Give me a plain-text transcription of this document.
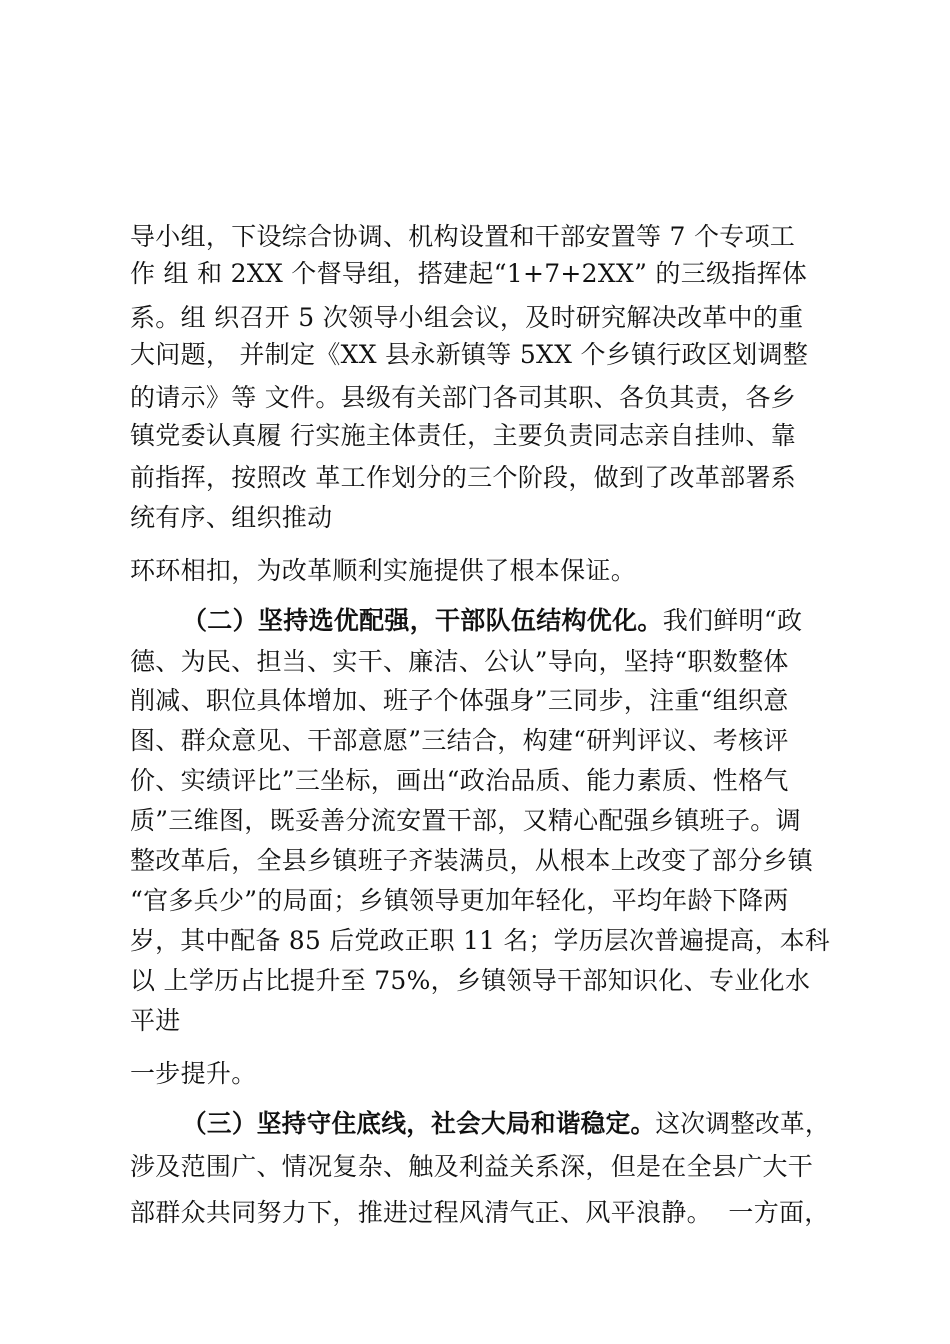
导小组，下设综合协调、机构设置和干部安置等 7 个专项工
作 组 和 2XX 个督导组，搭建起“1+7+2XX” 的三级指挥体
系。组 织召开 5 次领导小组会议，及时研究解决改革中的重
大问题， 并制定《XX 县永新镇等 5XX 个乡镇行政区划调整
的请示》等 文件。县级有关部门各司其职、各负其责，各乡
镇党委认真履 行实施主体责任，主要负责同志亲自挂帅、靠
前指挥，按照改 革工作划分的三个阶段，做到了改革部署系
统有序、组织推动
环环相扣，为改革顺利实施提供了根本保证。
（二）坚持选优配强，干部队伍结构优化。我们鲜明“政
德、为民、担当、实干、廉洁、公认”导向，坚持“职数整体
削减、职位具体增加、班子个体强身”三同步，注重“组织意
图、群众意见、干部意愿”三结合，构建“研判评议、考核评
价、实绩评比”三坐标，画出“政治品质、能力素质、性格气
质”三维图，既妥善分流安置干部，又精心配强乡镇班子。调
整改革后，全县乡镇班子齐装满员，从根本上改变了部分乡镇
“官多兵少”的局面；乡镇领导更加年轻化，平均年龄下降两
岁，其中配备 85 后党政正职 11 名；学历层次普遍提高，本科
以 上学历占比提升至 75%，乡镇领导干部知识化、专业化水
平进
一步提升。
（三）坚持守住底线，社会大局和谐稳定。这次调整改革，
涉及范围广、情况复杂、触及利益关系深，但是在全县广大干
部群众共同努力下，推进过程风清气正、风平浪静。  一方面，
